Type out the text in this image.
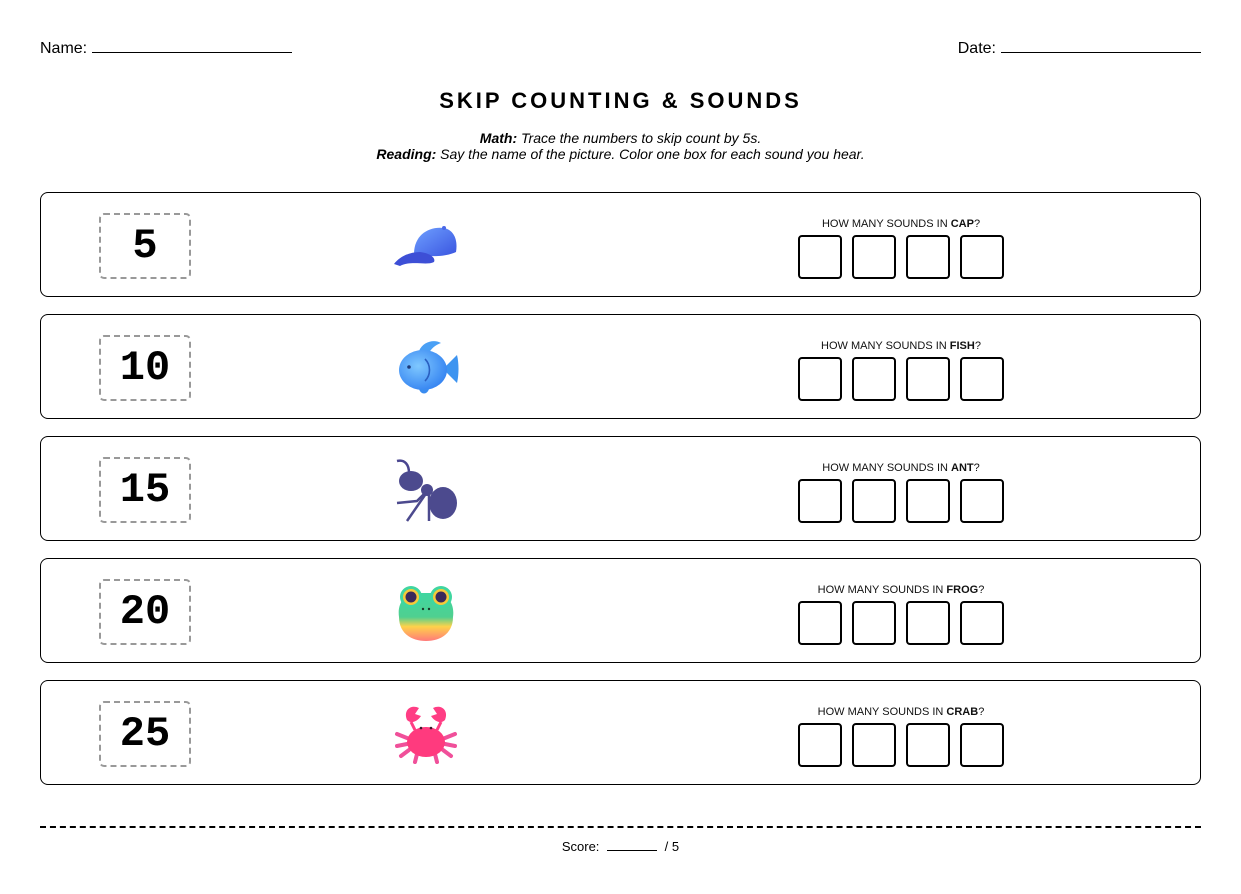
Name:	Date:
SKIP COUNTING & SOUNDS
Math: Trace the numbers to skip count by 5s.
Reading: Say the name of the picture. Color one box for each sound you hear.
5	HOW MANY SOUNDS IN CAP?
10	HOW MANY SOUNDS IN FISH?
15	HOW MANY SOUNDS IN ANT?
20	HOW MANY SOUNDS IN FROG?
25	HOW MANY SOUNDS IN CRAB?
Score:	/ 5
